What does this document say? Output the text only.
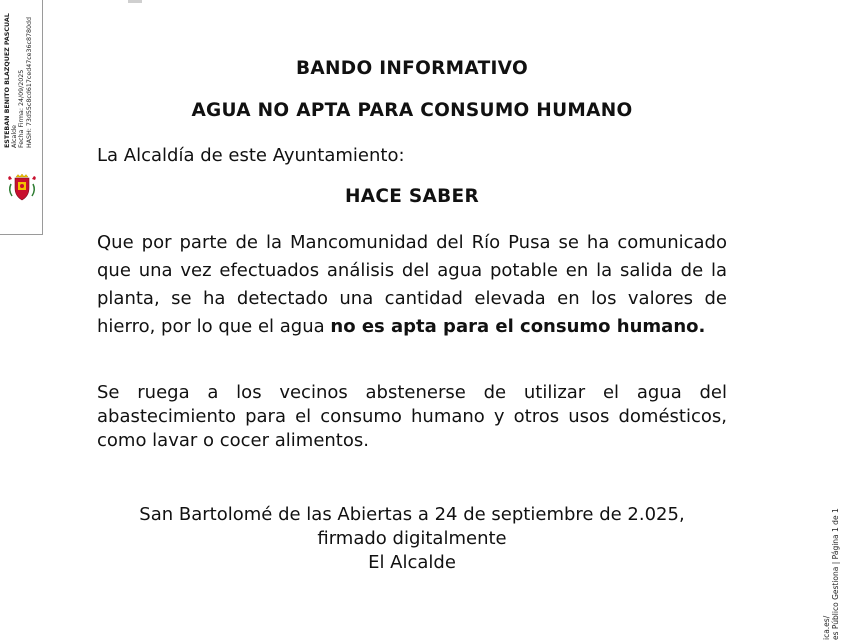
ESTEBAN BENITO BLAZQUEZ PASCUAL Alcalde Fecha Firma: 24/09/2025 HASH: 73d55c8cd617ced47ce36c8780dd	BANDO INFORMATIVO
AGUA NO APTA PARA CONSUMO HUMANO
La Alcaldía de este Ayuntamiento:
HACE SABER
Que por parte de la Mancomunidad del Río Pusa se ha comunicado que una vez efectuados análisis del agua potable en la salida de la planta, se ha detectado una cantidad elevada en los valores de hierro, por lo que el agua no es apta para el consumo humano.
Se ruega a los vecinos abstenerse de utilizar el agua del abastecimiento para el consumo humano y otros usos domésticos, como lavar o cocer alimentos.
San Bartolomé de las Abiertas a 24 de septiembre de 2.025,
firmado digitalmente
El Alcalde
ica.es/ es Público Gestiona | Página 1 de 1
